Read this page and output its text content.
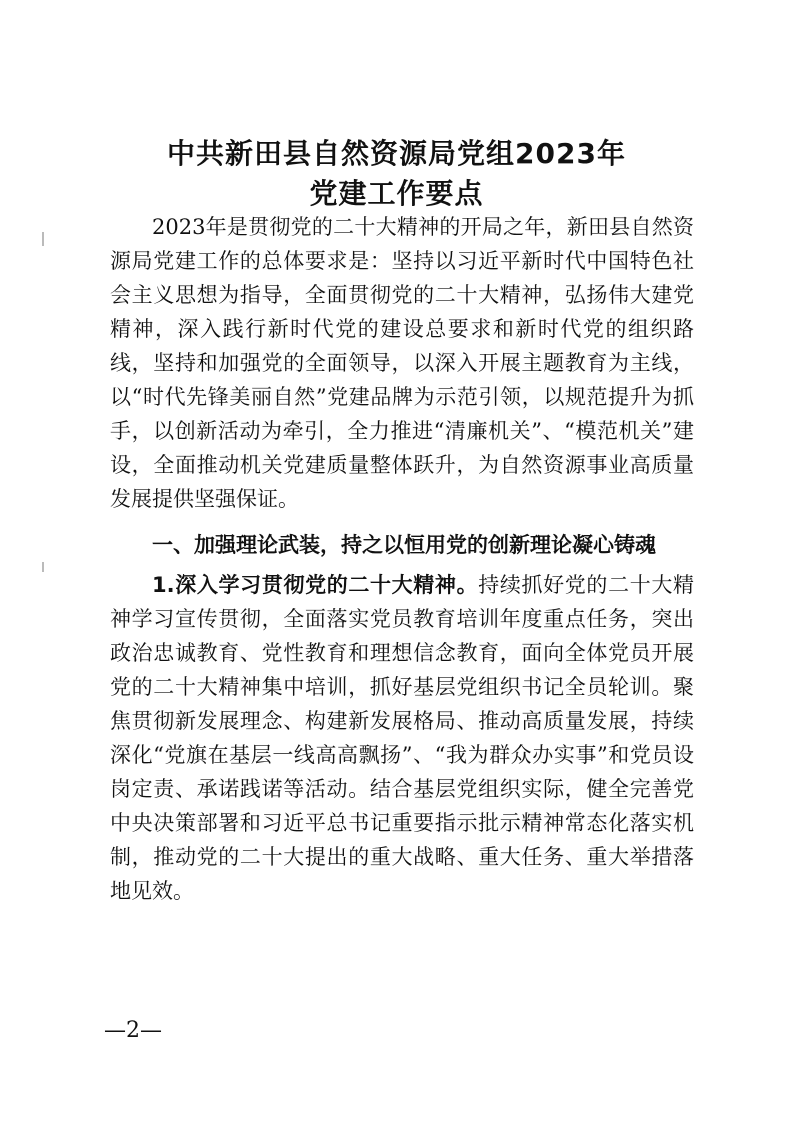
中共新田县自然资源局党组2023年
党建工作要点

2023年是贯彻党的二十大精神的开局之年，新田县自然资源局党建工作的总体要求是：坚持以习近平新时代中国特色社会主义思想为指导，全面贯彻党的二十大精神，弘扬伟大建党精神，深入践行新时代党的建设总要求和新时代党的组织路线，坚持和加强党的全面领导，以深入开展主题教育为主线，以“时代先锋美丽自然”党建品牌为示范引领，以规范提升为抓手，以创新活动为牵引，全力推进“清廉机关”、“模范机关”建设，全面推动机关党建质量整体跃升，为自然资源事业高质量发展提供坚强保证。

一、加强理论武装，持之以恒用党的创新理论凝心铸魂

1.深入学习贯彻党的二十大精神。持续抓好党的二十大精神学习宣传贯彻，全面落实党员教育培训年度重点任务，突出政治忠诚教育、党性教育和理想信念教育，面向全体党员开展党的二十大精神集中培训，抓好基层党组织书记全员轮训。聚焦贯彻新发展理念、构建新发展格局、推动高质量发展，持续深化“党旗在基层一线高高飘扬”、“我为群众办实事”和党员设岗定责、承诺践诺等活动。结合基层党组织实际，健全完善党中央决策部署和习近平总书记重要指示批示精神常态化落实机制，推动党的二十大提出的重大战略、重大任务、重大举措落地见效。

—2—
